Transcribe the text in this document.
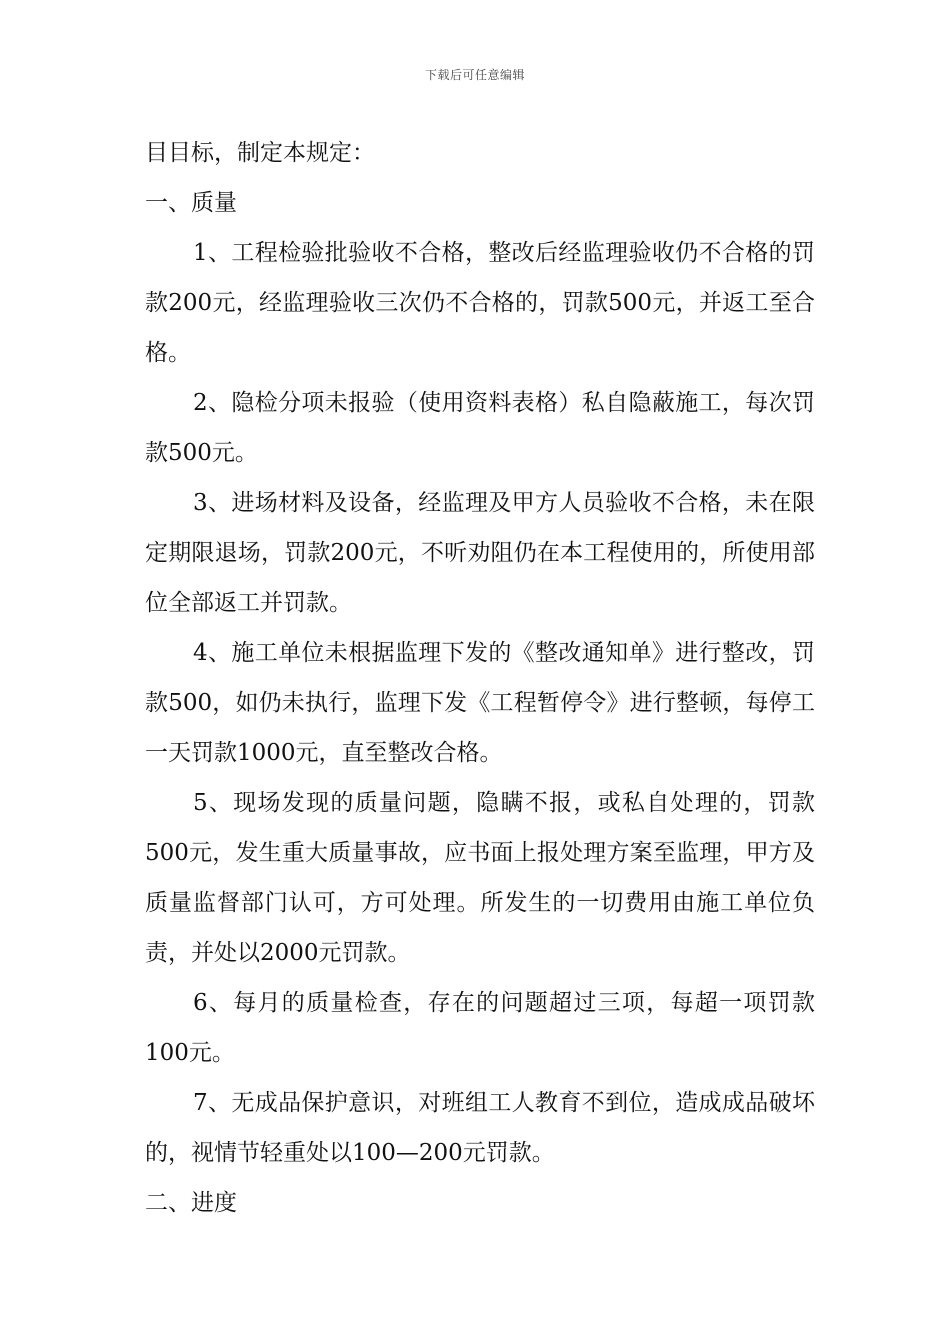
下载后可任意编辑

目目标，制定本规定：

一、质量

1、工程检验批验收不合格，整改后经监理验收仍不合格的罚款200元，经监理验收三次仍不合格的，罚款500元，并返工至合格。

2、隐检分项未报验（使用资料表格）私自隐蔽施工，每次罚款500元。

3、进场材料及设备，经监理及甲方人员验收不合格，未在限定期限退场，罚款200元，不听劝阻仍在本工程使用的，所使用部位全部返工并罚款。

4、施工单位未根据监理下发的《整改通知单》进行整改，罚款500，如仍未执行，监理下发《工程暂停令》进行整顿，每停工一天罚款1000元，直至整改合格。

5、现场发现的质量问题，隐瞒不报，或私自处理的，罚款500元，发生重大质量事故，应书面上报处理方案至监理，甲方及质量监督部门认可，方可处理。所发生的一切费用由施工单位负责，并处以2000元罚款。

6、每月的质量检查，存在的问题超过三项，每超一项罚款100元。

7、无成品保护意识，对班组工人教育不到位，造成成品破坏的，视情节轻重处以100—200元罚款。

二、进度
